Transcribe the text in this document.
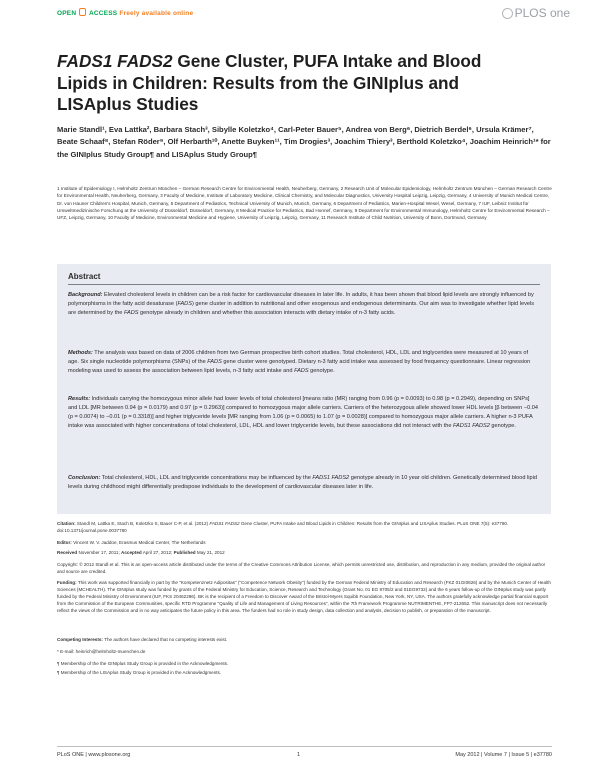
OPEN ACCESS Freely available online	PLOS one
FADS1 FADS2 Gene Cluster, PUFA Intake and Blood Lipids in Children: Results from the GINIplus and LISAplus Studies
Marie Standl¹, Eva Lattka², Barbara Stach³, Sibylle Koletzko⁴, Carl-Peter Bauer⁵, Andrea von Berg⁶, Dietrich Berdel⁶, Ursula Krämer⁷, Beate Schaaf⁸, Stefan Röder⁹, Olf Herbarth¹⁰, Anette Buyken¹¹, Tim Drogies³, Joachim Thiery³, Berthold Koletzko⁴, Joachim Heinrich¹* for the GINIplus Study Group¶ and LISAplus Study Group¶
1 Institute of Epidemiology I, Helmholtz Zentrum München – German Research Centre for Environmental Health, Neuherberg, Germany, 2 Research Unit of Molecular Epidemiology, Helmholtz Zentrum München – German Research Centre for Environmental Health, Neuherberg, Germany, 3 Faculty of Medicine, Institute of Laboratory Medicine, Clinical Chemistry, and Molecular Diagnostics, University Hospital Leipzig, Leipzig, Germany, 4 University of Munich Medical Centre, Dr. von Hauner Children's Hospital, Munich, Germany, 5 Department of Pediatrics, Technical University of Munich, Munich, Germany, 6 Department of Pediatrics, Marien-Hospital Wesel, Wesel, Germany, 7 IUF, Leibniz Institut für Umweltmedizinische Forschung at the University of Düsseldorf, Düsseldorf, Germany, 8 Medical Practice for Pediatrics, Bad Honnef, Germany, 9 Department for Environmental Immunology, Helmholtz Centre for Environmental Research – UFZ, Leipzig, Germany, 10 Faculty of Medicine, Environmental Medicine and Hygiene, University of Leipzig, Leipzig, Germany, 11 Research Institute of Child Nutrition, University of Bonn, Dortmund, Germany
Abstract
Background: Elevated cholesterol levels in children can be a risk factor for cardiovascular diseases in later life. In adults, it has been shown that blood lipid levels are strongly influenced by polymorphisms in the fatty acid desaturase (FADS) gene cluster in addition to nutritional and other exogenous and endogenous determinants. Our aim was to investigate whether lipid levels are determined by the FADS genotype already in children and whether this association interacts with dietary intake of n-3 fatty acids.
Methods: The analysis was based on data of 2006 children from two German prospective birth cohort studies. Total cholesterol, HDL, LDL and triglycerides were measured at 10 years of age. Six single nucleotide polymorphisms (SNPs) of the FADS gene cluster were genotyped. Dietary n-3 fatty acid intake was assessed by food frequency questionnaire. Linear regression modeling was used to assess the association between lipid levels, n-3 fatty acid intake and FADS genotype.
Results: Individuals carrying the homozygous minor allele had lower levels of total cholesterol [means ratio (MR) ranging from 0.96 (p = 0.0093) to 0.98 (p = 0.2949), depending on SNPs] and LDL [MR between 0.94 (p = 0.0179) and 0.97 (p = 0.2963)] compared to homozygous major allele carriers. Carriers of the heterozygous allele showed lower HDL levels [β between −0.04 (p = 0.0074) to −0.01 (p = 0.3318)] and higher triglyceride levels [MR ranging from 1.06 (p = 0.0065) to 1.07 (p = 0.0028)] compared to homozygous major allele carriers. A higher n-3 PUFA intake was associated with higher concentrations of total cholesterol, LDL, HDL and lower triglyceride levels, but these associations did not interact with the FADS1 FADS2 genotype.
Conclusion: Total cholesterol, HDL, LDL and triglyceride concentrations may be influenced by the FADS1 FADS2 genotype already in 10 year old children. Genetically determined blood lipid levels during childhood might differentially predispose individuals to the development of cardiovascular diseases later in life.
Citation: Standl M, Lattka E, Stach B, Koletzko S, Bauer C-P, et al. (2012) FADS1 FADS2 Gene Cluster, PUFA Intake and Blood Lipids in Children: Results from the GINIplus and LISAplus Studies. PLoS ONE 7(5): e37780. doi:10.1371/journal.pone.0037780
Editor: Vincent W. V. Jaddoe, Erasmus Medical Center, The Netherlands
Received November 17, 2011; Accepted April 27, 2012; Published May 21, 2012
Copyright: © 2012 Standl et al. This is an open-access article distributed under the terms of the Creative Commons Attribution License, which permits unrestricted use, distribution, and reproduction in any medium, provided the original author and source are credited.
Funding: This work was supported financially in part by the "Kompetenznetz Adipositas" ("Competence Network Obesity") funded by the German Federal Ministry of Education and Research (FKZ 01GI0826) and by the Munich Center of Health Sciences (MCHEALTH). The GINIplus study was funded by grants of the Federal Ministry for Education, Science, Research and Technology (Grant No. 01 EG 9705/2 and 01EG9732) and the 6 years follow-up of the GINIplus study was partly funded by the Federal Ministry of Environment (IUF, FKS 20462296). BK is the recipient of a Freedom to Discover Award of the Bristol-Myers Squibb Foundation, New York, NY, USA. The authors gratefully acknowledge partial financial support from the Commission of the European Communities, specific RTD Programme "Quality of Life and Management of Living Resources", within the 7th Framework Programme NUTRIMENTHE, FP7-212652. This manuscript does not necessarily reflect the views of the Commission and in no way anticipates the future policy in this area. The funders had no role in study design, data collection and analysis, decision to publish, or preparation of the manuscript.
Competing Interests: The authors have declared that no competing interests exist.
* E-mail: heinrich@helmholtz-muenchen.de
¶ Membership of the the GINIplus Study Group is provided in the Acknowledgments.
¶ Membership of the LISAplus Study Group is provided in the Acknowledgments.
PLoS ONE | www.plosone.org	1	May 2012 | Volume 7 | Issue 5 | e37780
